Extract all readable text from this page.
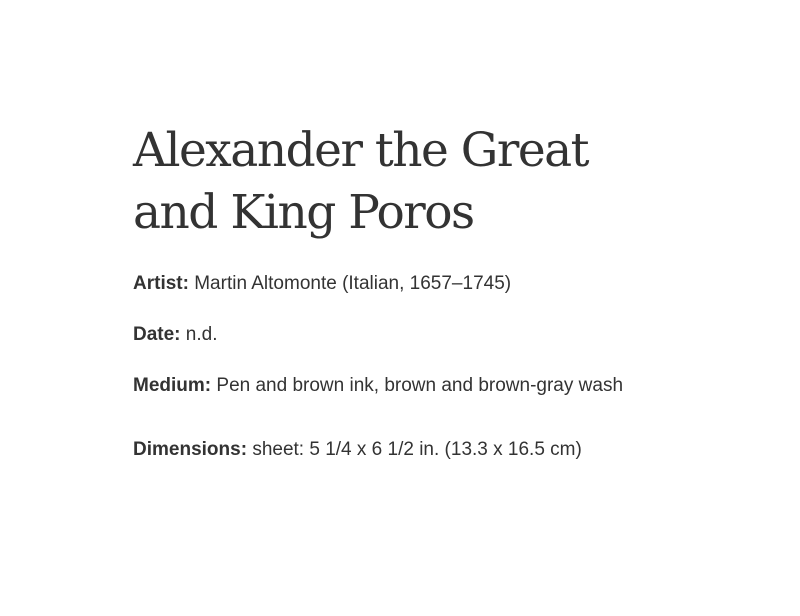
Alexander the Great
and King Poros
Artist: Martin Altomonte (Italian, 1657–1745)
Date: n.d.
Medium: Pen and brown ink, brown and brown-gray wash
Dimensions: sheet: 5 1/4 x 6 1/2 in. (13.3 x 16.5 cm)
